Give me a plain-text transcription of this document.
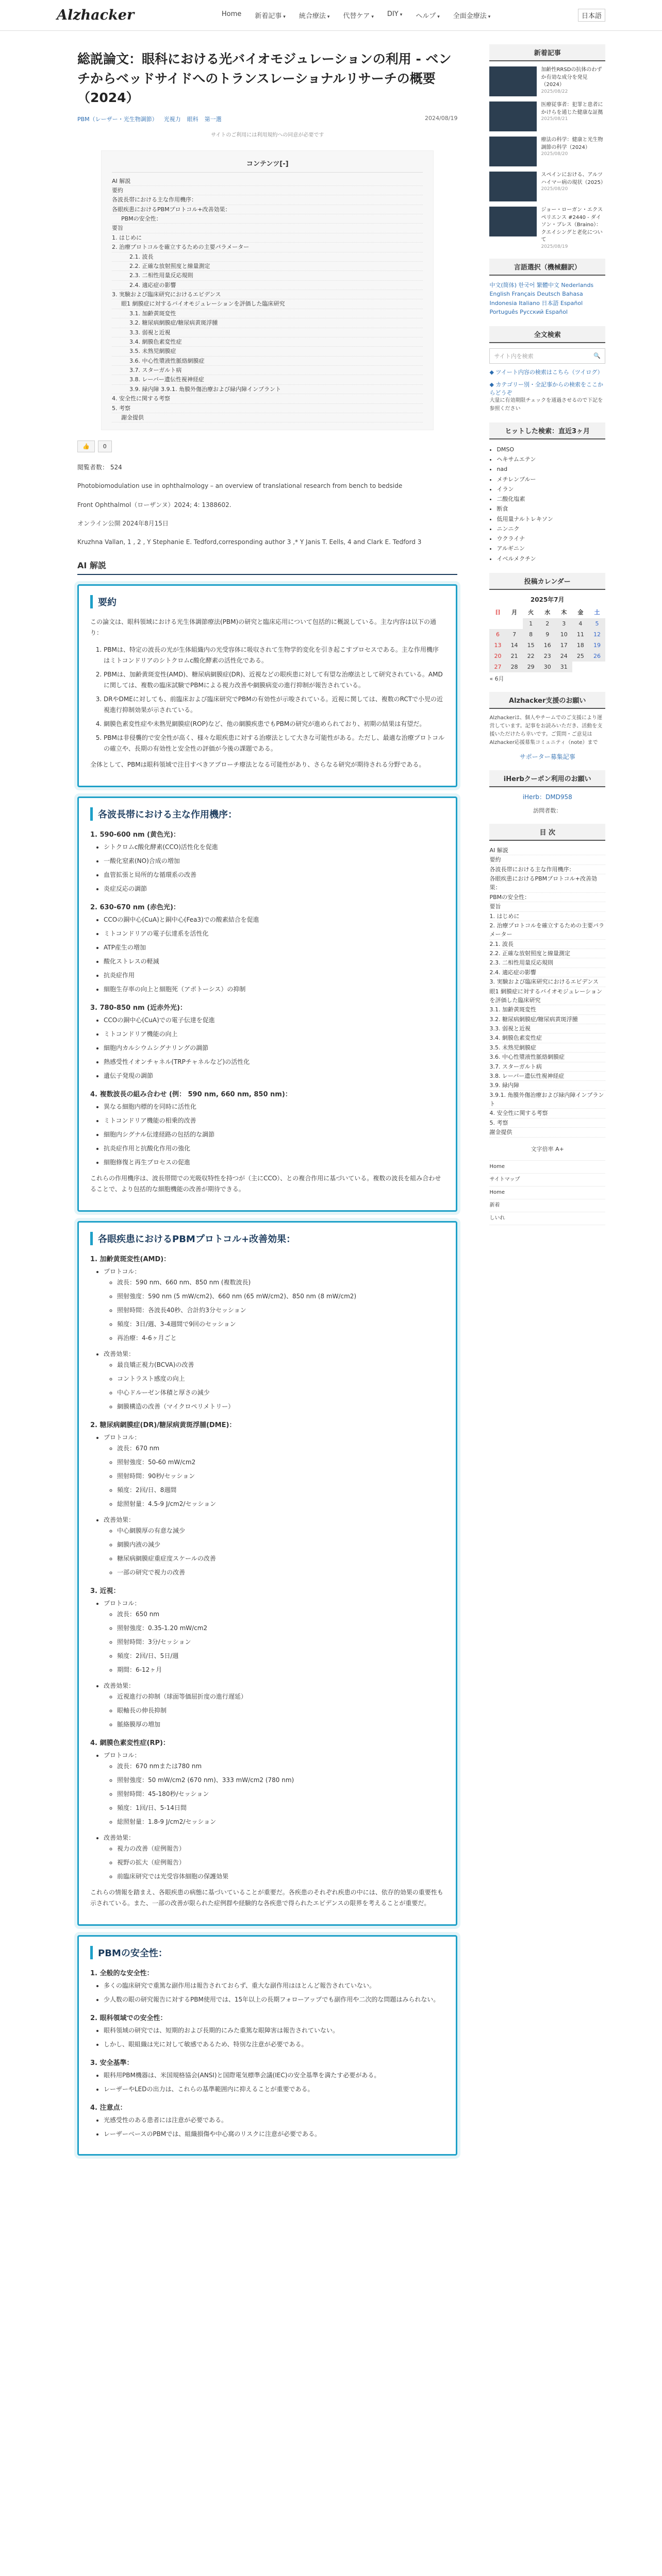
Alzhacker	Home 新着記事 ▾ 統合療法 ▾ 代替ケア ▾ DIY ▾ ヘルプ ▾ 全面金療法 ▾	日本語
総説論文：眼科における光バイオモジュレーションの利用 - ベンチからベッドサイドへのトランスレーショナルリサーチの概要（2024）
PBM（レーザー・光生物調節） 光視力 眼科 第一選	2024/08/19
サイトのご利用には利用規約への同意が必要です
コンテンツ[-]
AI 解説
要約
各波長帯における主な作用機序：
各眼疾患におけるPBMプロトコル+改善効果：
PBMの安全性：
要旨
1. はじめに
2. 治療プロトコルを確立するための主要パラメーター
2.1. 波長
2.2. 正確な放射照度と線量測定
2.3. 二相性用量反応規則
2.4. 適応症の影響
3. 実験および臨床研究におけるエビデンス
眼1 網膜症に対するバイオモジュレーションを評価した臨床研究
3.1. 加齢黄斑変性
3.2. 糖尿病網膜症/糖尿病黄斑浮腫
3.3. 弱視と近視
3.4. 網膜色素変性症
3.5. 未熟児網膜症
3.6. 中心性漿液性脈絡網膜症
3.7. スターガルト病
3.8. レーバー遺伝性視神経症
3.9. 緑内障 3.9.1. 角膜外傷治療および緑内障インプラント
4. 安全性に関する考察
5. 考察
謝金提供
👍	0
閲覧者数： 524

Photobiomodulation use in ophthalmology – an overview of translational research from bench to bedside

Front Ophthalmol（ローザンヌ）2024; 4: 1388602.

オンライン公開 2024年8月15日

Kruzhna Vallan, 1 , 2 , Y Stephanie E. Tedford,corresponding author 3 ,* Y Janis T. Eells, 4 and Clark E. Tedford 3

AI 解説
要約

この論文は、眼科領域における光生体調節療法(PBM)の研究と臨床応用について包括的に概説している。主な内容は以下の通り：

1. PBMは、特定の波長の光が生体組織内の光受容体に吸収されて生物学的変化を引き起こすプロセスである。主な作用機序はミトコンドリアのシトクロムc酸化酵素の活性化である。
2. PBMは、加齢黄斑変性(AMD)、糖尿病網膜症(DR)、近視などの眼疾患に対して有望な治療法として研究されている。AMDに関しては、複数の臨床試験でPBMによる視力改善や網膜病変の進行抑制が報告されている。
3. DRやDMEに対しても、前臨床および臨床研究でPBMの有効性が示唆されている。近視に関しては、複数のRCTで小児の近視進行抑制効果が示されている。
4. 網膜色素変性症や未熟児網膜症(ROP)など、他の網膜疾患でもPBMの研究が進められており、初期の結果は有望だ。
5. PBMは非侵襲的で安全性が高く、様々な眼疾患に対する治療法として大きな可能性がある。ただし、最適な治療プロトコルの確立や、長期の有効性と安全性の評価が今後の課題である。

全体として、PBMは眼科領域で注目すべきアプローチ療法となる可能性があり、さらなる研究が期待される分野である。

各波長帯における主な作用機序：
1. 590-600 nm (黄色光)：
• シトクロムc酸化酵素(CCO)活性化を促進
• 一酸化窒素(NO)合成の増加
• 血管拡張と局所的な循環系の改善
• 炎症反応の調節
2. 630-670 nm (赤色光)：
• CCOの銅中心(CuA)と銅中心(Fea3)での酸素結合を促進
• ミトコンドリアの電子伝達系を活性化
• ATP産生の増加
• 酸化ストレスの軽減
• 抗炎症作用
• 細胞生存率の向上と細胞死（アポトーシス）の抑制
3. 780-850 nm (近赤外光)：
• CCOの銅中心(CuA)での電子伝達を促進
• ミトコンドリア機能の向上
• 細胞内カルシウムシグナリングの調節
• 熱感受性イオンチャネル(TRPチャネルなど)の活性化
• 遺伝子発現の調節
4. 複数波長の組み合わせ (例： 590 nm, 660 nm, 850 nm)：
• 異なる細胞内標的を同時に活性化
• ミトコンドリア機能の相乗的改善
• 細胞内シグナル伝達経路の包括的な調節
• 抗炎症作用と抗酸化作用の強化
• 細胞修復と再生プロセスの促進

これらの作用機序は、波長帯間での光吸収特性を持つが（主にCCO）、との複合作用に基づいている。複数の波長を組み合わせることで、より包括的な細胞機能の改善が期待できる。

各眼疾患におけるPBMプロトコル+改善効果：
1. 加齢黄斑変性(AMD)：
• プロトコル：
◦ 波長：590 nm、660 nm、850 nm (複数波長)
◦ 照射強度：590 nm (5 mW/cm2)、660 nm (65 mW/cm2)、850 nm (8 mW/cm2)
◦ 照射時間：各波長40秒、合計約3分セッション
◦ 頻度：3日/週、3-4週間で9回のセッション
◦ 再治療：4-6ヶ月ごと
• 改善効果：
◦ 最良矯正視力(BCVA)の改善
◦ コントラスト感度の向上
◦ 中心ドルーゼン体積と厚さの減少
◦ 網膜構造の改善（マイクロペリメトリー）
2. 糖尿病網膜症(DR)/糖尿病黄斑浮腫(DME)：
• プロトコル：
◦ 波長：670 nm
◦ 照射強度：50-60 mW/cm2
◦ 照射時間：90秒/セッション
◦ 頻度：2回/日、8週間
◦ 総照射量：4.5-9 J/cm2/セッション
• 改善効果：
◦ 中心網膜厚の有意な減少
◦ 網膜内液の減少
◦ 糖尿病網膜症重症度スケールの改善
◦ 一部の研究で視力の改善
3. 近視：
• プロトコル：
◦ 波長：650 nm
◦ 照射強度：0.35-1.20 mW/cm2
◦ 照射時間：3分/セッション
◦ 頻度：2回/日、5日/週
◦ 期間：6-12ヶ月
• 改善効果：
◦ 近視進行の抑制（球面等価屈折度の進行遅延）
◦ 眼軸長の伸長抑制
◦ 脈絡膜厚の増加
4. 網膜色素変性症(RP)：
• プロトコル：
◦ 波長：670 nmまたは780 nm
◦ 照射強度：50 mW/cm2 (670 nm)、333 mW/cm2 (780 nm)
◦ 照射時間：45-180秒/セッション
◦ 頻度：1回/日、5-14日間
◦ 総照射量：1.8-9 J/cm2/セッション
• 改善効果：
◦ 視力の改善（症例報告）
◦ 視野の拡大（症例報告）
◦ 前臨床研究では光受容体細胞の保護効果

これらの情報を踏まえ、各眼疾患の病態に基づいていることが重要だ。各疾患のそれぞれ疾患の中には、依存的効果の重要性も示されている。また、一部の改善が限られた症例群や経験的な各疾患で得られたエビデンスの限界を考えることが重要だ。

PBMの安全性：
1. 全般的な安全性：
• 多くの臨床研究で重篤な副作用は報告されておらず、重大な副作用はほとんど報告されていない。
• 少人数の眼の研究報告に対するPBM使用では、15年以上の長期フォローアップでも副作用や二次的な問題はみられない。
2. 眼科領域での安全性：
• 眼科領域の研究では、短期的および長期的にみた重篤な眼障害は報告されていない。
• しかし、眼組織は光に対して敏感であるため、特別な注意が必要である。
3. 安全基準：
• 眼科用PBM機器は、米国規格協会(ANSI)と国際電気標準会議(IEC)の安全基準を満たす必要がある。
• レーザーやLEDの出力は、これらの基準範囲内に抑えることが重要である。
4. 注意点：
• 光感受性のある患者には注意が必要である。
• レーザーベースのPBMでは、組織損傷や中心窩のリスクに注意が必要である。
新着記事
加齢性RRSDの抗体のわずか有効な成分を発見（2024）
2025/08/22
医療従事者：犯罪と患者にかけらを通じた健康な証拠
2025/08/21
療法の科学：健康と光生物調節の科学（2024）
2025/08/20
スペインにおける、アルツハイマー病の現状（2025）
2025/08/20
ジョー・ローガン・エクスペリエンス #2440 - ダイソン・ブレス（Braino）：クエイシングと老化について
2025/08/19
言語選択（機械翻訳）
中文(简体) 한국어 繁體中文 Nederlands English Français Deutsch Bahasa Indonesia Italiano 日本語 Español Português Русский Español
全文検索
サイト内を検索	🔍
◆ ツイート内容の検索はこちら（ツイログ）
◆ カテゴリー別・全記事からの検索をここからどうぞ
大量に有効期限チェックを通過させるので下記を参照ください
ヒットした検索：直近3ヶ月
• DMSO
• ヘキサムエテン
• nad
• メチレンブルー
• イラン
• 二酸化塩素
• 断食
• 低用量ナルトレキソン
• ニンニク
• ウクライナ
• アルギニン
• イベルメクチン
投稿カレンダー
2025年7月
日	月	火	水	木	金	土
		1	2	3	4	5
6	7	8	9	10	11	12
13	14	15	16	17	18	19
20	21	22	23	24	25	26
27	28	29	30	31		
« 6月
Alzhacker支援のお願い
Alzhackerは、個人やチームでのご支援により運営しています。記事をお読みいただき、活動を支援いただけたら幸いです。ご質問・ご意見はAlzhacker応援募集コミュニティ（note）まで
サポーター募集記事
iHerbクーポン利用のお願い
iHerb：DMD958
訪問者数：
目 次
AI 解説
要約
各波長帯における主な作用機序：
各眼疾患におけるPBMプロトコル+改善効果：
PBMの安全性：
要旨
1. はじめに
2. 治療プロトコルを確立するための主要パラメーター
2.1. 波長
2.2. 正確な放射照度と線量測定
2.3. 二相性用量反応規則
2.4. 適応症の影響
3. 実験および臨床研究におけるエビデンス
眼1 網膜症に対するバイオモジュレーションを評価した臨床研究
3.1. 加齢黄斑変性
3.2. 糖尿病網膜症/糖尿病黄斑浮腫
3.3. 弱視と近視
3.4. 網膜色素変性症
3.5. 未熟児網膜症
3.6. 中心性漿液性脈絡網膜症
3.7. スターガルト病
3.8. レーバー遺伝性視神経症
3.9. 緑内障
3.9.1. 角膜外傷治療および緑内障インプラント
4. 安全性に関する考察
5. 考察
謝金提供
文字倍率 A+
Home
サイトマップ
Home
新着
しいれ
